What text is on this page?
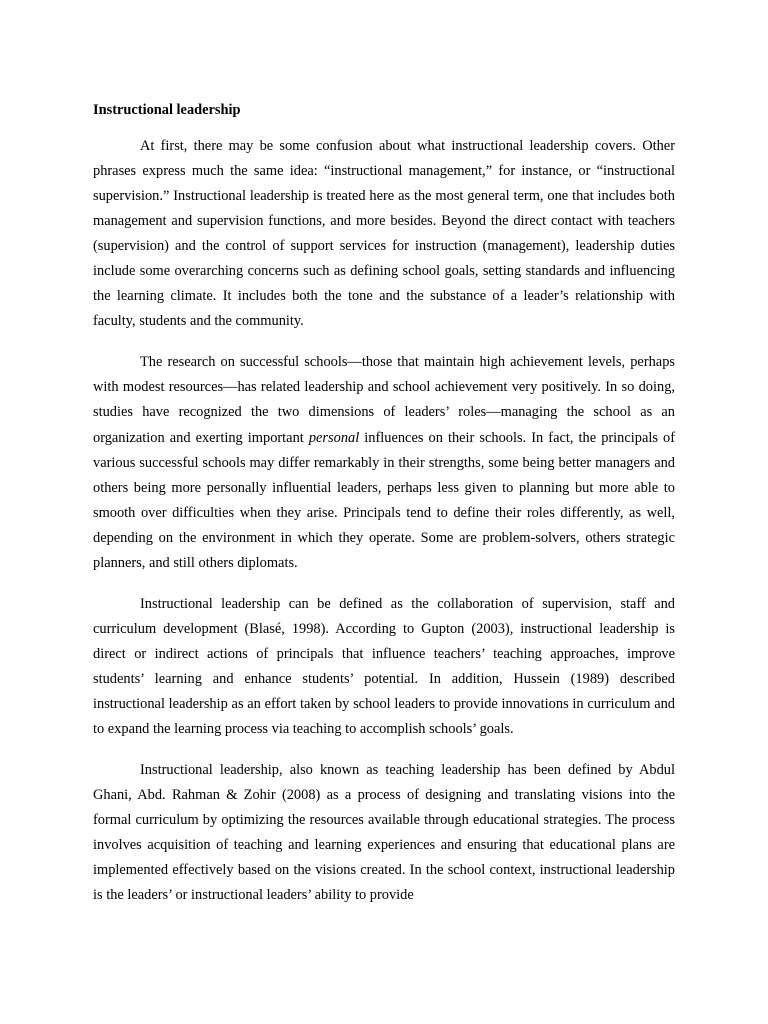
Instructional leadership

At first, there may be some confusion about what instructional leadership covers. Other phrases express much the same idea: “instructional management,” for instance, or “instructional supervision.” Instructional leadership is treated here as the most general term, one that includes both management and supervision functions, and more besides. Beyond the direct contact with teachers (supervision) and the control of support services for instruction (management), leadership duties include some overarching concerns such as defining school goals, setting standards and influencing the learning climate. It includes both the tone and the substance of a leader’s relationship with faculty, students and the community.

The research on successful schools—those that maintain high achievement levels, perhaps with modest resources—has related leadership and school achievement very positively. In so doing, studies have recognized the two dimensions of leaders’ roles—managing the school as an organization and exerting important personal influences on their schools. In fact, the principals of various successful schools may differ remarkably in their strengths, some being better managers and others being more personally influential leaders, perhaps less given to planning but more able to smooth over difficulties when they arise. Principals tend to define their roles differently, as well, depending on the environment in which they operate. Some are problem-solvers, others strategic planners, and still others diplomats.

Instructional leadership can be defined as the collaboration of supervision, staff and curriculum development (Blasé, 1998). According to Gupton (2003), instructional leadership is direct or indirect actions of principals that influence teachers’ teaching approaches, improve students’ learning and enhance students’ potential. In addition, Hussein (1989) described instructional leadership as an effort taken by school leaders to provide innovations in curriculum and to expand the learning process via teaching to accomplish schools’ goals.

Instructional leadership, also known as teaching leadership has been defined by Abdul Ghani, Abd. Rahman & Zohir (2008) as a process of designing and translating visions into the formal curriculum by optimizing the resources available through educational strategies. The process involves acquisition of teaching and learning experiences and ensuring that educational plans are implemented effectively based on the visions created. In the school context, instructional leadership is the leaders’ or instructional leaders’ ability to provide
